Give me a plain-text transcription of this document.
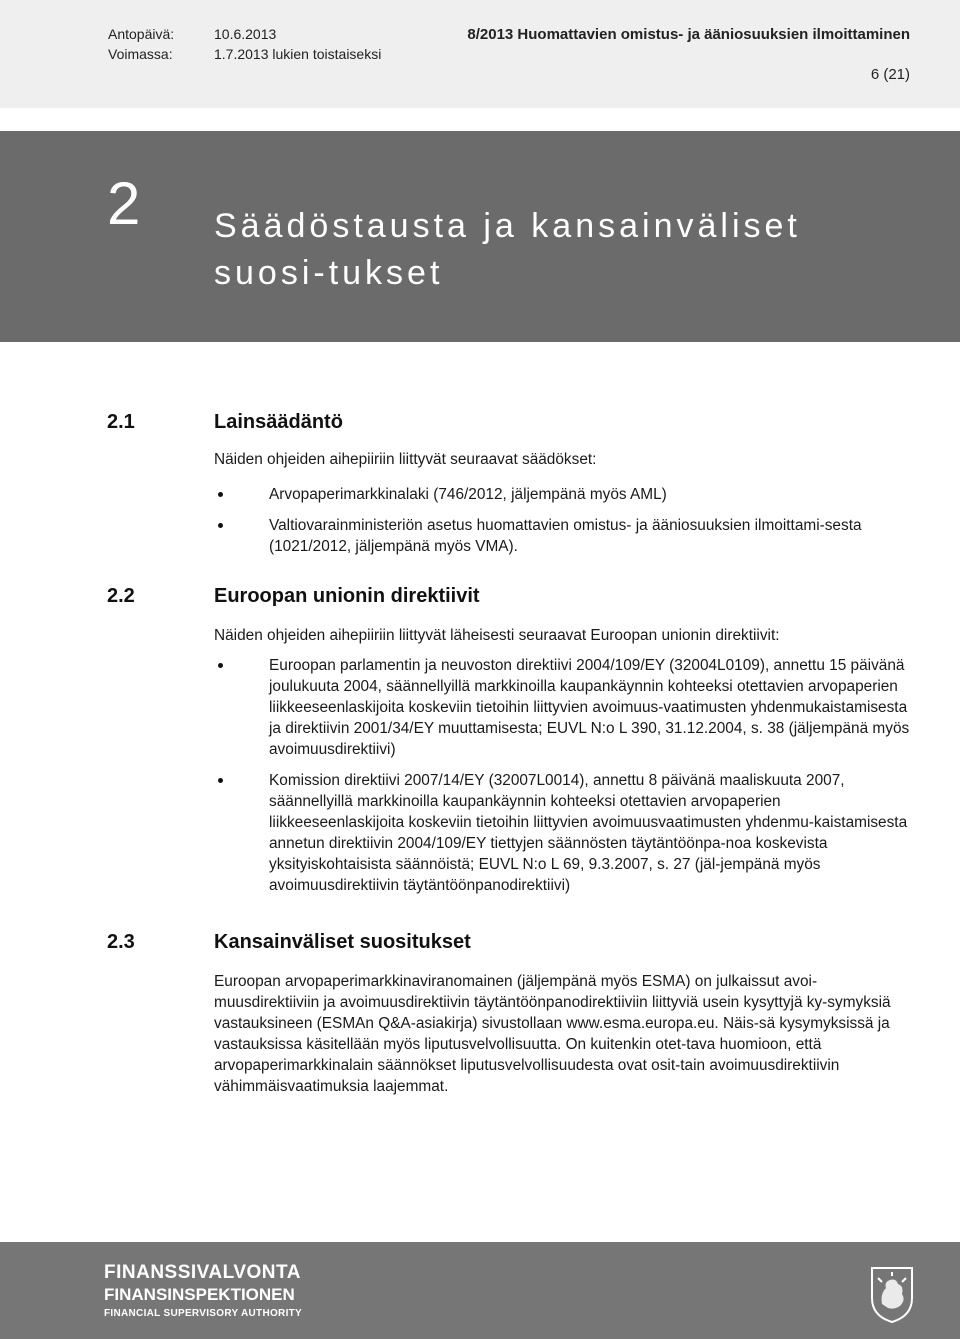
Antopäivä:	10.6.2013
Voimassa:	1.7.2013 lukien toistaiseksi
8/2013 Huomattavien omistus- ja ääniosuuksien ilmoittaminen
6 (21)
2 Säädöstausta ja kansainväliset suosi-tukset
2.1	Lainsäädäntö
Näiden ohjeiden aihepiiriin liittyvät seuraavat säädökset:
Arvopaperimarkkinalaki (746/2012, jäljempänä myös AML)
Valtiovarainministeriön asetus huomattavien omistus- ja ääniosuuksien ilmoittami-sesta (1021/2012, jäljempänä myös VMA).
2.2	Euroopan unionin direktiivit
Näiden ohjeiden aihepiiriin liittyvät läheisesti seuraavat Euroopan unionin direktiivit:
Euroopan parlamentin ja neuvoston direktiivi 2004/109/EY (32004L0109), annettu 15 päivänä joulukuuta 2004, säännellyillä markkinoilla kaupankäynnin kohteeksi otettavien arvopaperien liikkeeseenlaskijoita koskeviin tietoihin liittyvien avoimuus-vaatimusten yhdenmukaistamisesta ja direktiivin 2001/34/EY muuttamisesta; EUVL N:o L 390, 31.12.2004, s. 38 (jäljempänä myös avoimuusdirektiivi)
Komission direktiivi 2007/14/EY (32007L0014), annettu 8 päivänä maaliskuuta 2007, säännellyillä markkinoilla kaupankäynnin kohteeksi otettavien arvopaperien liikkeeseenlaskijoita koskeviin tietoihin liittyvien avoimuusvaatimusten yhdenmu-kaistamisesta annetun direktiivin 2004/109/EY tiettyjen säännösten täytäntöönpa-noa koskevista yksityiskohtaisista säännöistä; EUVL N:o L 69, 9.3.2007, s. 27 (jäl-jempänä myös avoimuusdirektiivin täytäntöönpanodirektiivi)
2.3	Kansainväliset suositukset
Euroopan arvopaperimarkkinaviranomainen (jäljempänä myös ESMA) on julkaissut avoi-muusdirektiiviin ja avoimuusdirektiivin täytäntöönpanodirektiiviin liittyviä usein kysyttyjä ky-symyksiä vastauksineen (ESMAn Q&A-asiakirja) sivustollaan www.esma.europa.eu. Näis-sä kysymyksissä ja vastauksissa käsitellään myös liputusvelvollisuutta. On kuitenkin otet-tava huomioon, että arvopaperimarkkinalain säännökset liputusvelvollisuudesta ovat osit-tain avoimuusdirektiivin vähimmäisvaatimuksia laajemmat.
FINANSSIVALVONTA
FINANSINSPEKTIONEN
FINANCIAL SUPERVISORY AUTHORITY
